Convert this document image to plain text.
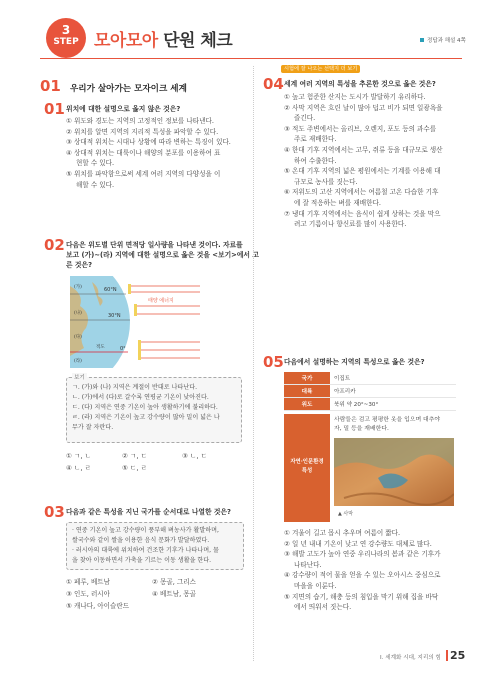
3
STEP 모아모아 단원 체크	정답과 해설 4쪽
01 우리가 살아가는 모자이크 세계
01 위치에 대한 설명으로 옳지 않은 것은?
① 위도와 경도는 지역의 고정적인 정보를 나타낸다.
② 위치를 알면 지역의 지리적 특성을 파악할 수 있다.
③ 상대적 위치는 시대나 상황에 따라 변하는 특징이 있다.
④ 상대적 위치는 대륙이나 해양의 분포를 이용하여 표
현할 수 있다.
⑤ 위치를 파악함으로써 세계 여러 지역의 다양성을 이
해할 수 있다.
02 다음은 위도별 단위 면적당 일사량을 나타낸 것이다. 자료를
보고 (가)~(라) 지역에 대한 설명으로 옳은 것을 <보기>에서 고
른 것은?
60°N
30°N
0°
태양 에너지
(가)
(나)
(다)
(라)
적도
보기
ㄱ. (가)와 (나) 지역은 계절이 반대로 나타난다.
ㄴ. (가)에서 (다)로 갈수록 연평균 기온이 낮아진다.
ㄷ. (다) 지역은 연중 기온이 높아 생활하기에 불리하다.
ㄹ. (라) 지역은 기온이 높고 강수량이 많아 밀이 넓은 나
무가 잘 자란다.
① ㄱ, ㄴ	② ㄱ, ㄷ	③ ㄴ, ㄷ
④ ㄴ, ㄹ	⑤ ㄷ, ㄹ
03 다음과 같은 특성을 지닌 국가를 순서대로 나열한 것은?
· 연중 기온이 높고 강수량이 풍부해 벼농사가 활발하며,
쌀국수와 같이 쌀을 이용한 음식 문화가 발달하였다.
· 러시아의 대륙에 위치하여 건조한 기후가 나타나며, 물
을 찾아 이동하면서 가축을 기르는 이동 생활을 한다.
① 페루, 베트남	② 몽골, 그리스
③ 인도, 러시아	④ 베트남, 몽골
⑤ 캐나다, 아이슬란드
시험에 잘 나오는 선택지 더 보기
04 세계 여러 지역의 특성을 추론한 것으로 옳은 것은?
① 높고 험준한 산지는 도시가 발달하기 유리하다.
② 사막 지역은 흐린 날이 많아 덥고 비가 되면 일광욕을
즐긴다.
③ 적도 주변에서는 올리브, 오렌지, 포도 등의 과수를
주로 재배한다.
④ 한대 기후 지역에서는 고무, 쥐류 등을 대규모로 생산
하여 수출한다.
⑤ 온대 기후 지역의 넓은 평원에서는 기계를 이용해 대
규모로 농사를 짓는다.
⑥ 저위도의 고산 지역에서는 여름철 고온 다습한 기후
에 잘 적응하는 벼를 재배한다.
⑦ 냉대 기후 지역에서는 음식이 쉽게 상하는 것을 막으
려고 기름이나 향신료를 많이 사용한다.
05 다음에서 설명하는 지역의 특성으로 옳은 것은?
국가	이집트
대륙	아프리카
위도	북위 약 20°~30°
자연·인문환경
특성
사람들은 검고 평평한 옷을 입으며 대추야
자, 밀 등을 재배한다.
▲ 사막
① 겨울이 길고 몹시 추우며 여름이 짧다.
② 일 년 내내 기온이 낮고 연 강수량도 대체로 많다.
③ 해발 고도가 높아 연중 우리나라의 봄과 같은 기후가
나타난다.
④ 강수량이 적어 물을 얻을 수 있는 오아시스 중심으로
마을을 이룬다.
⑤ 지면의 습기, 해충 등의 침입을 막기 위해 집을 바닥
에서 띄워서 짓는다.
Ⅰ. 세계화 시대, 지리의 힘 25
